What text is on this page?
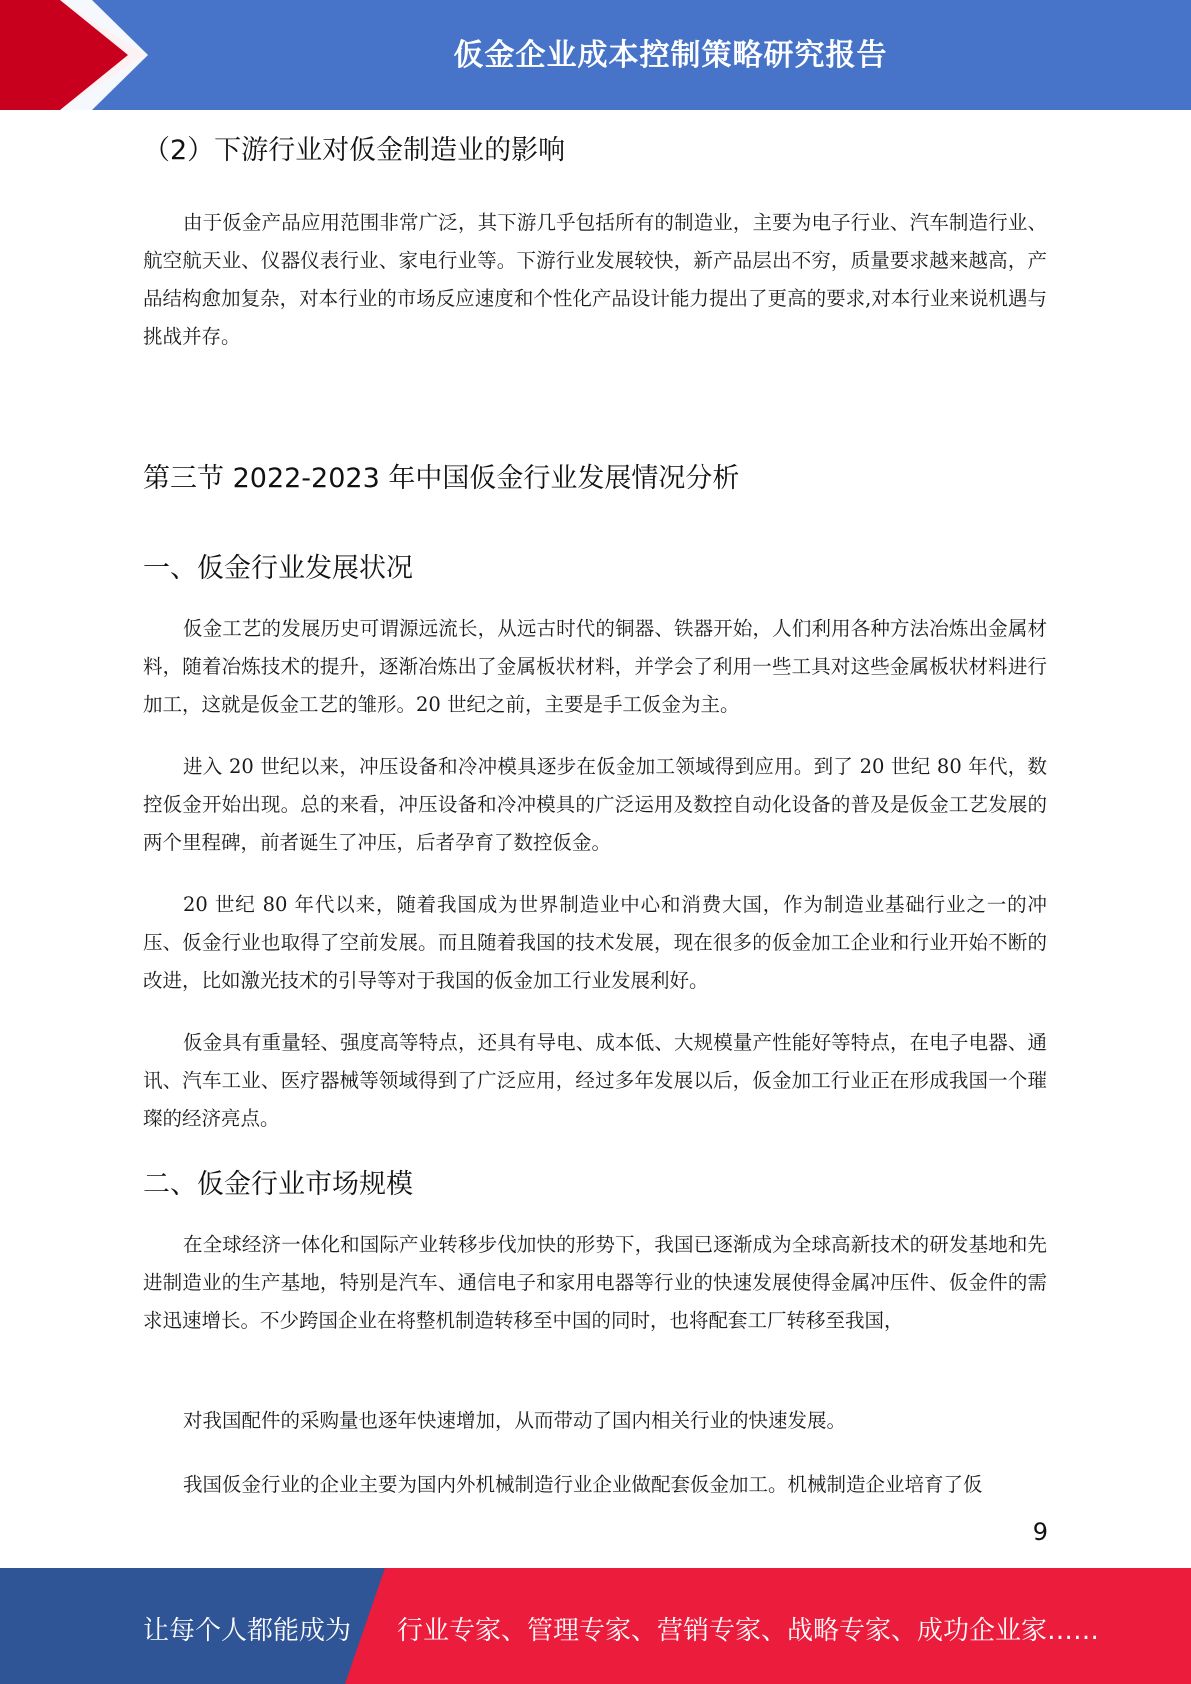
仮金企业成本控制策略研究报告
（2）下游行业对仮金制造业的影响
由于仮金产品应用范围非常广泛，其下游几乎包括所有的制造业，主要为电子行业、汽车制造行业、航空航天业、仪器仪表行业、家电行业等。下游行业发展较快，新产品层出不穷，质量要求越来越高，产品结构愈加复杂，对本行业的市场反应速度和个性化产品设计能力提出了更高的要求,对本行业来说机遇与挑战并存。
第三节 2022-2023 年中国仮金行业发展情况分析
一、仮金行业发展状况
仮金工艺的发展历史可谓源远流长，从远古时代的铜器、铁器开始，人们利用各种方法冶炼出金属材料，随着冶炼技术的提升，逐渐冶炼出了金属板状材料，并学会了利用一些工具对这些金属板状材料进行加工，这就是仮金工艺的雏形。20 世纪之前，主要是手工仮金为主。
进入 20 世纪以来，冲压设备和冷冲模具逐步在仮金加工领域得到应用。到了 20 世纪 80 年代，数控仮金开始出现。总的来看，冲压设备和冷冲模具的广泛运用及数控自动化设备的普及是仮金工艺发展的两个里程碑，前者诞生了冲压，后者孕育了数控仮金。
20 世纪 80 年代以来，随着我国成为世界制造业中心和消费大国，作为制造业基础行业之一的冲压、仮金行业也取得了空前发展。而且随着我国的技术发展，现在很多的仮金加工企业和行业开始不断的改进，比如激光技术的引导等对于我国的仮金加工行业发展利好。
仮金具有重量轻、强度高等特点，还具有导电、成本低、大规模量产性能好等特点，在电子电器、通讯、汽车工业、医疗器械等领域得到了广泛应用，经过多年发展以后，仮金加工行业正在形成我国一个璀璨的经济亮点。
二、仮金行业市场规模
在全球经济一体化和国际产业转移步伐加快的形势下，我国已逐渐成为全球高新技术的研发基地和先进制造业的生产基地，特别是汽车、通信电子和家用电器等行业的快速发展使得金属冲压件、仮金件的需求迅速增长。不少跨国企业在将整机制造转移至中国的同时，也将配套工厂转移至我国，
对我国配件的采购量也逐年快速增加，从而带动了国内相关行业的快速发展。
我国仮金行业的企业主要为国内外机械制造行业企业做配套仮金加工。机械制造企业培育了仮
9
让每个人都能成为 行业专家、管理专家、营销专家、战略专家、成功企业家……
